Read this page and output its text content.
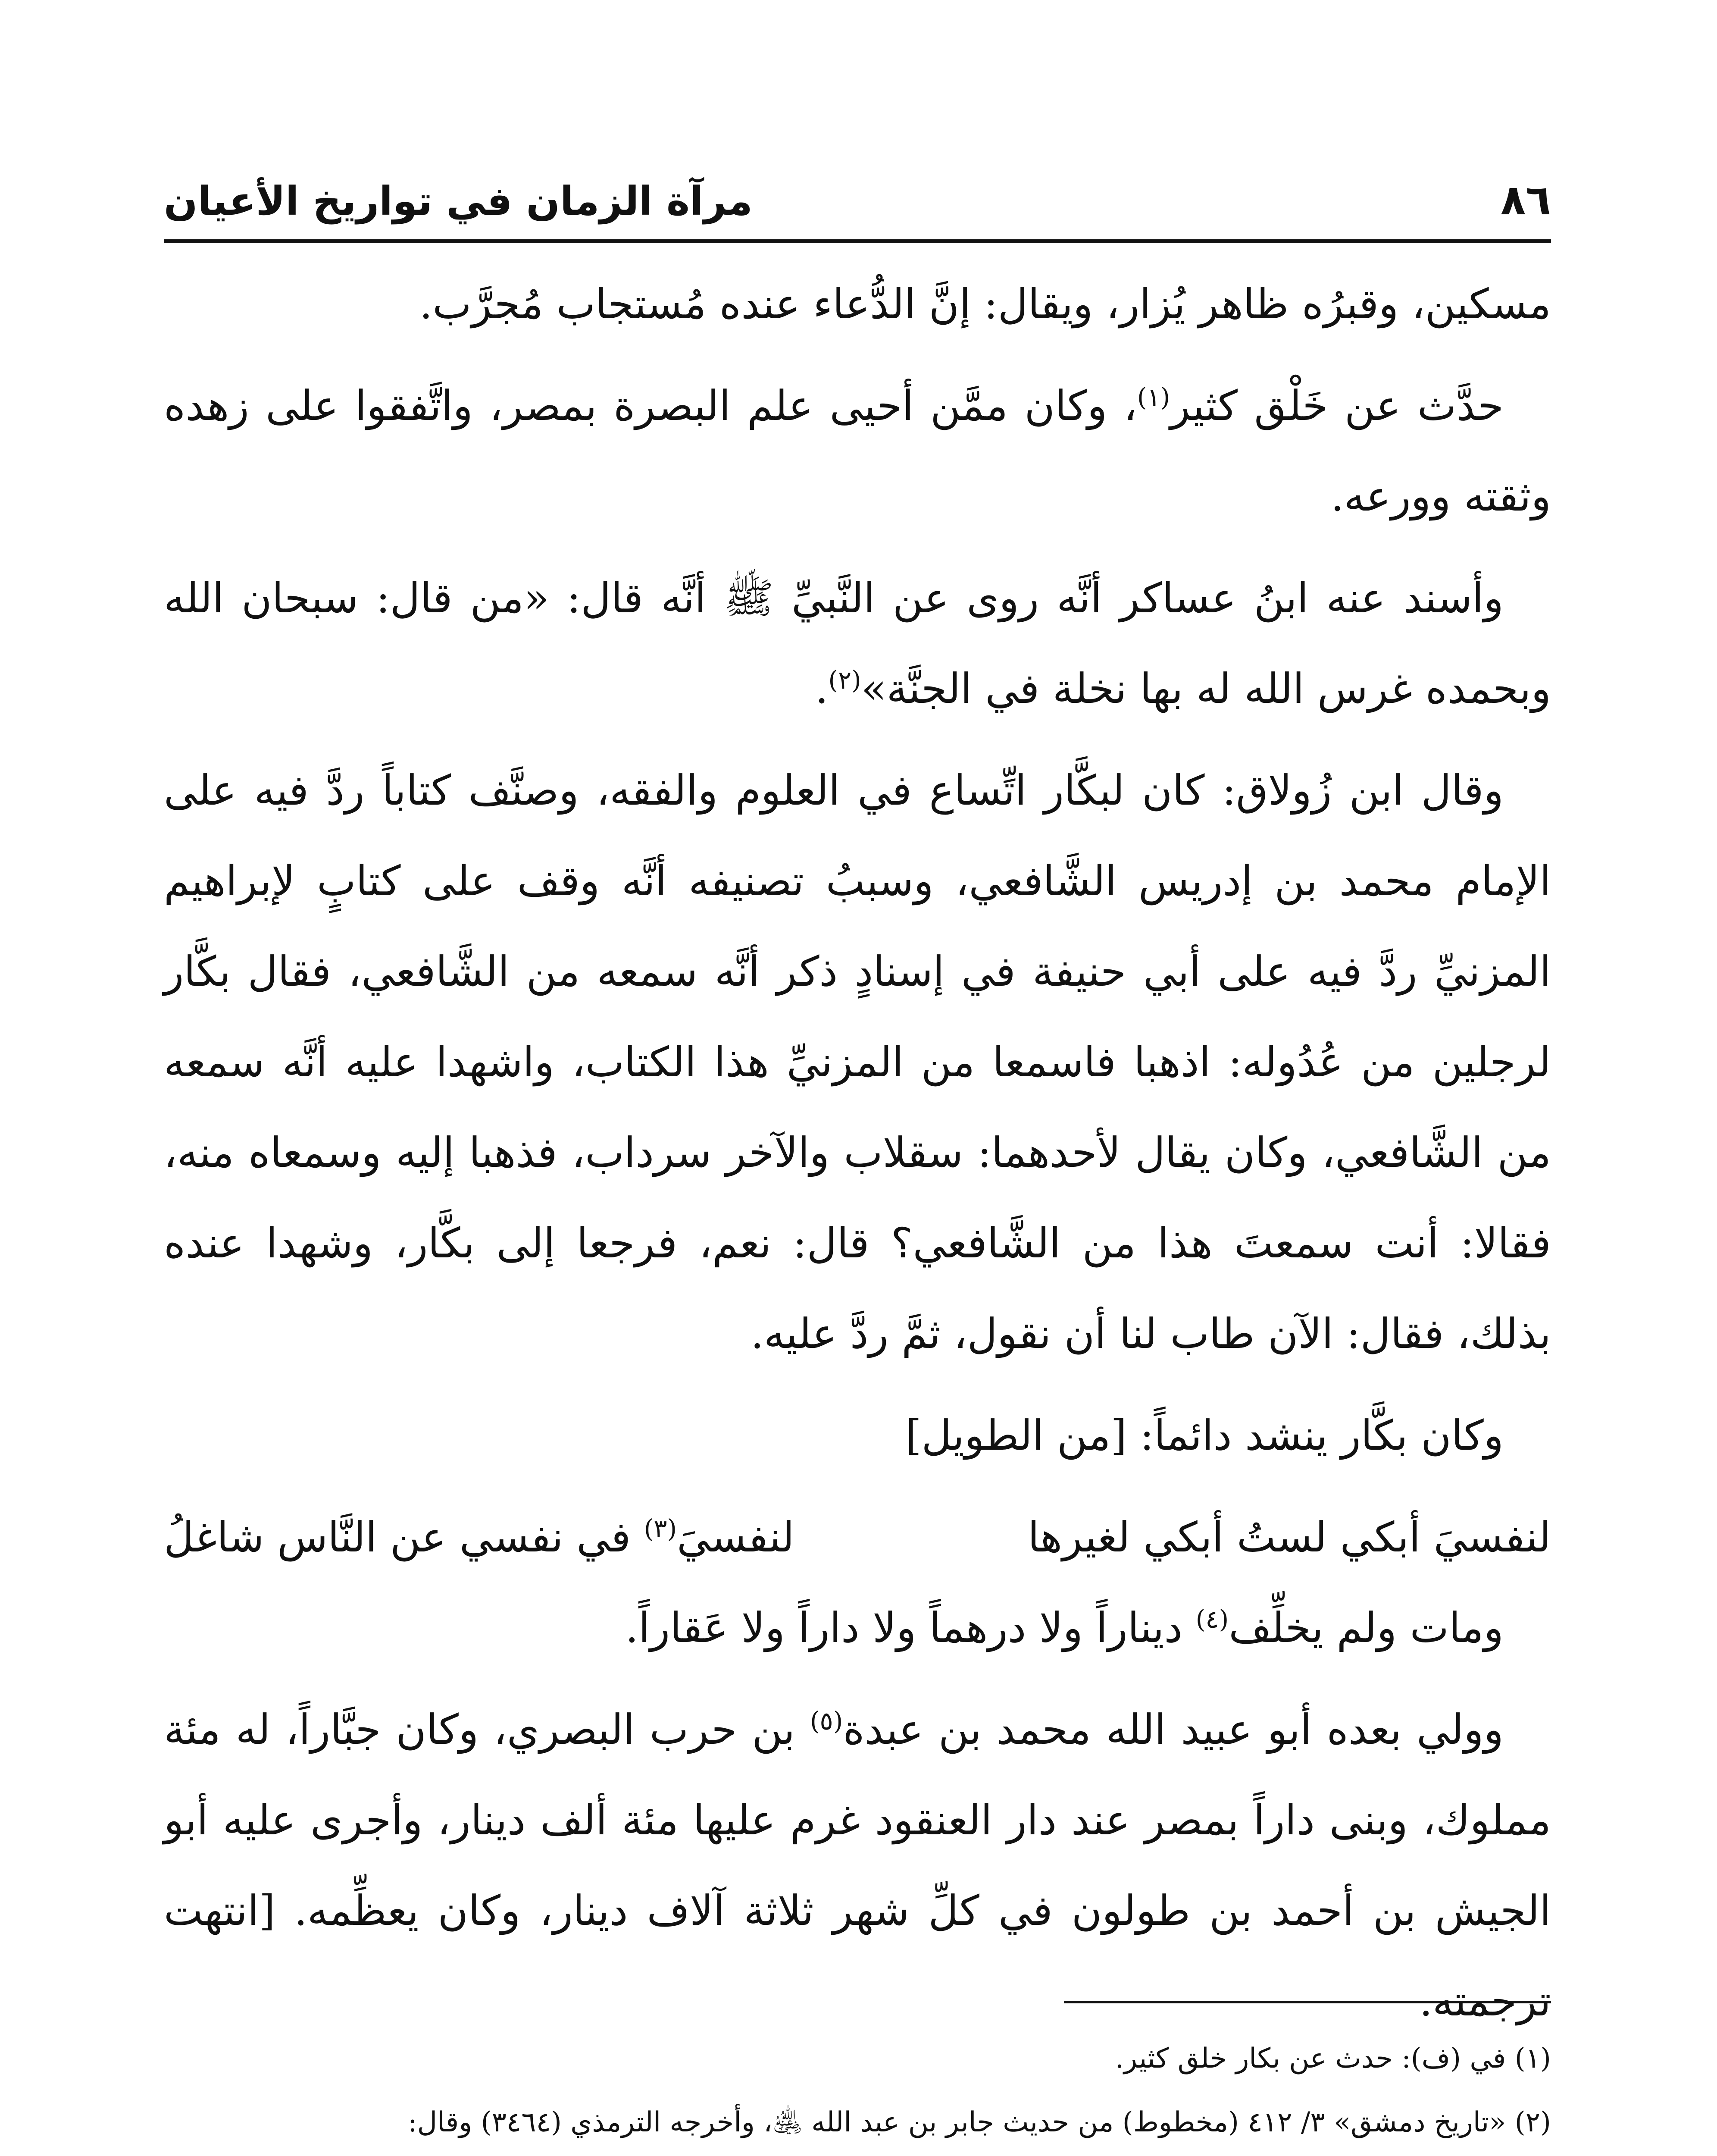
٨٦
مرآة الزمان في تواريخ الأعيان

مسكين، وقبرُه ظاهر يُزار، ويقال: إنَّ الدُّعاء عنده مُستجاب مُجرَّب.

حدَّث عن خَلْق كثير$^{(١)}$، وكان ممَّن أحيى علم البصرة بمصر، واتَّفقوا على زهده وثقته وورعه.

وأسند عنه ابنُ عساكر أنَّه روى عن النَّبيِّ ﷺ أنَّه قال: «من قال: سبحان الله وبحمده غرس الله له بها نخلة في الجنَّة»$^{(٢)}$.

وقال ابن زُولاق: كان لبكَّار اتِّساع في العلوم والفقه، وصنَّف كتاباً ردَّ فيه على الإمام محمد بن إدريس الشَّافعي، وسببُ تصنيفه أنَّه وقف على كتابٍ لإبراهيم المزنيِّ ردَّ فيه على أبي حنيفة في إسنادٍ ذكر أنَّه سمعه من الشَّافعي، فقال بكَّار لرجلين من عُدُوله: اذهبا فاسمعا من المزنيِّ هذا الكتاب، واشهدا عليه أنَّه سمعه من الشَّافعي، وكان يقال لأحدهما: سقلاب والآخر سرداب، فذهبا إليه وسمعاه منه، فقالا: أنت سمعتَ هذا من الشَّافعي؟ قال: نعم، فرجعا إلى بكَّار، وشهدا عنده بذلك، فقال: الآن طاب لنا أن نقول، ثمَّ ردَّ عليه.

وكان بكَّار ينشد دائماً: [من الطويل]

لنفسيَ أبكي لستُ أبكي لغيرها
لنفسيَ$^{(٣)}$ في نفسي عن النَّاس شاغلُ

ومات ولم يخلِّف$^{(٤)}$ ديناراً ولا درهماً ولا داراً ولا عَقاراً.

وولي بعده أبو عبيد الله محمد بن عبدة$^{(٥)}$ بن حرب البصري، وكان جبَّاراً، له مئة مملوك، وبنى داراً بمصر عند دار العنقود غرم عليها مئة ألف دينار، وأجرى عليه أبو الجيش بن أحمد بن طولون في كلِّ شهر ثلاثة آلاف دينار، وكان يعظِّمه. [انتهت ترجمته.

(١) في (ف): حدث عن بكار خلق كثير.
(٢) «تاريخ دمشق» ٣/ ٤١٢ (مخطوط) من حديث جابر بن عبد الله ﵁، وأخرجه الترمذي (٣٤٦٤) وقال:
